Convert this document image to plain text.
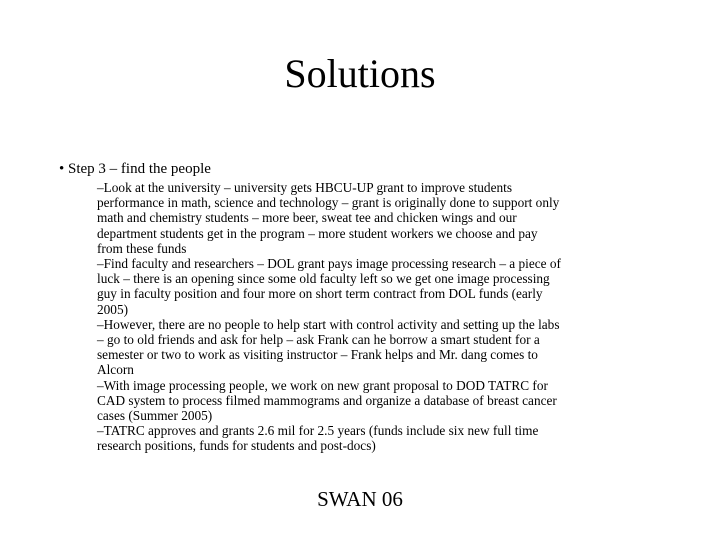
Solutions

• Step 3 – find the people

–Look at the university – university gets HBCU-UP grant to improve students
performance in math, science and technology – grant is originally done to support only
math and chemistry students – more beer, sweat tee and chicken wings and our
department students get in the program – more student workers we choose and pay
from these funds
–Find faculty and researchers – DOL grant pays image processing research – a piece of
luck – there is an opening since some old faculty left so we get one image processing
guy in faculty position and four more on short term contract from DOL funds (early
2005)
–However, there are no people to help start with control activity and setting up the labs
– go to old friends and ask for help – ask Frank can he borrow a smart student for a
semester or two to work as visiting instructor – Frank helps and Mr. dang comes to
Alcorn
–With image processing people, we work on new grant proposal to DOD TATRC for
CAD system to process filmed mammograms and organize a database of breast cancer
cases (Summer 2005)
–TATRC approves and grants 2.6 mil for 2.5 years (funds include six new full time
research positions, funds for students and post-docs)

SWAN 06
